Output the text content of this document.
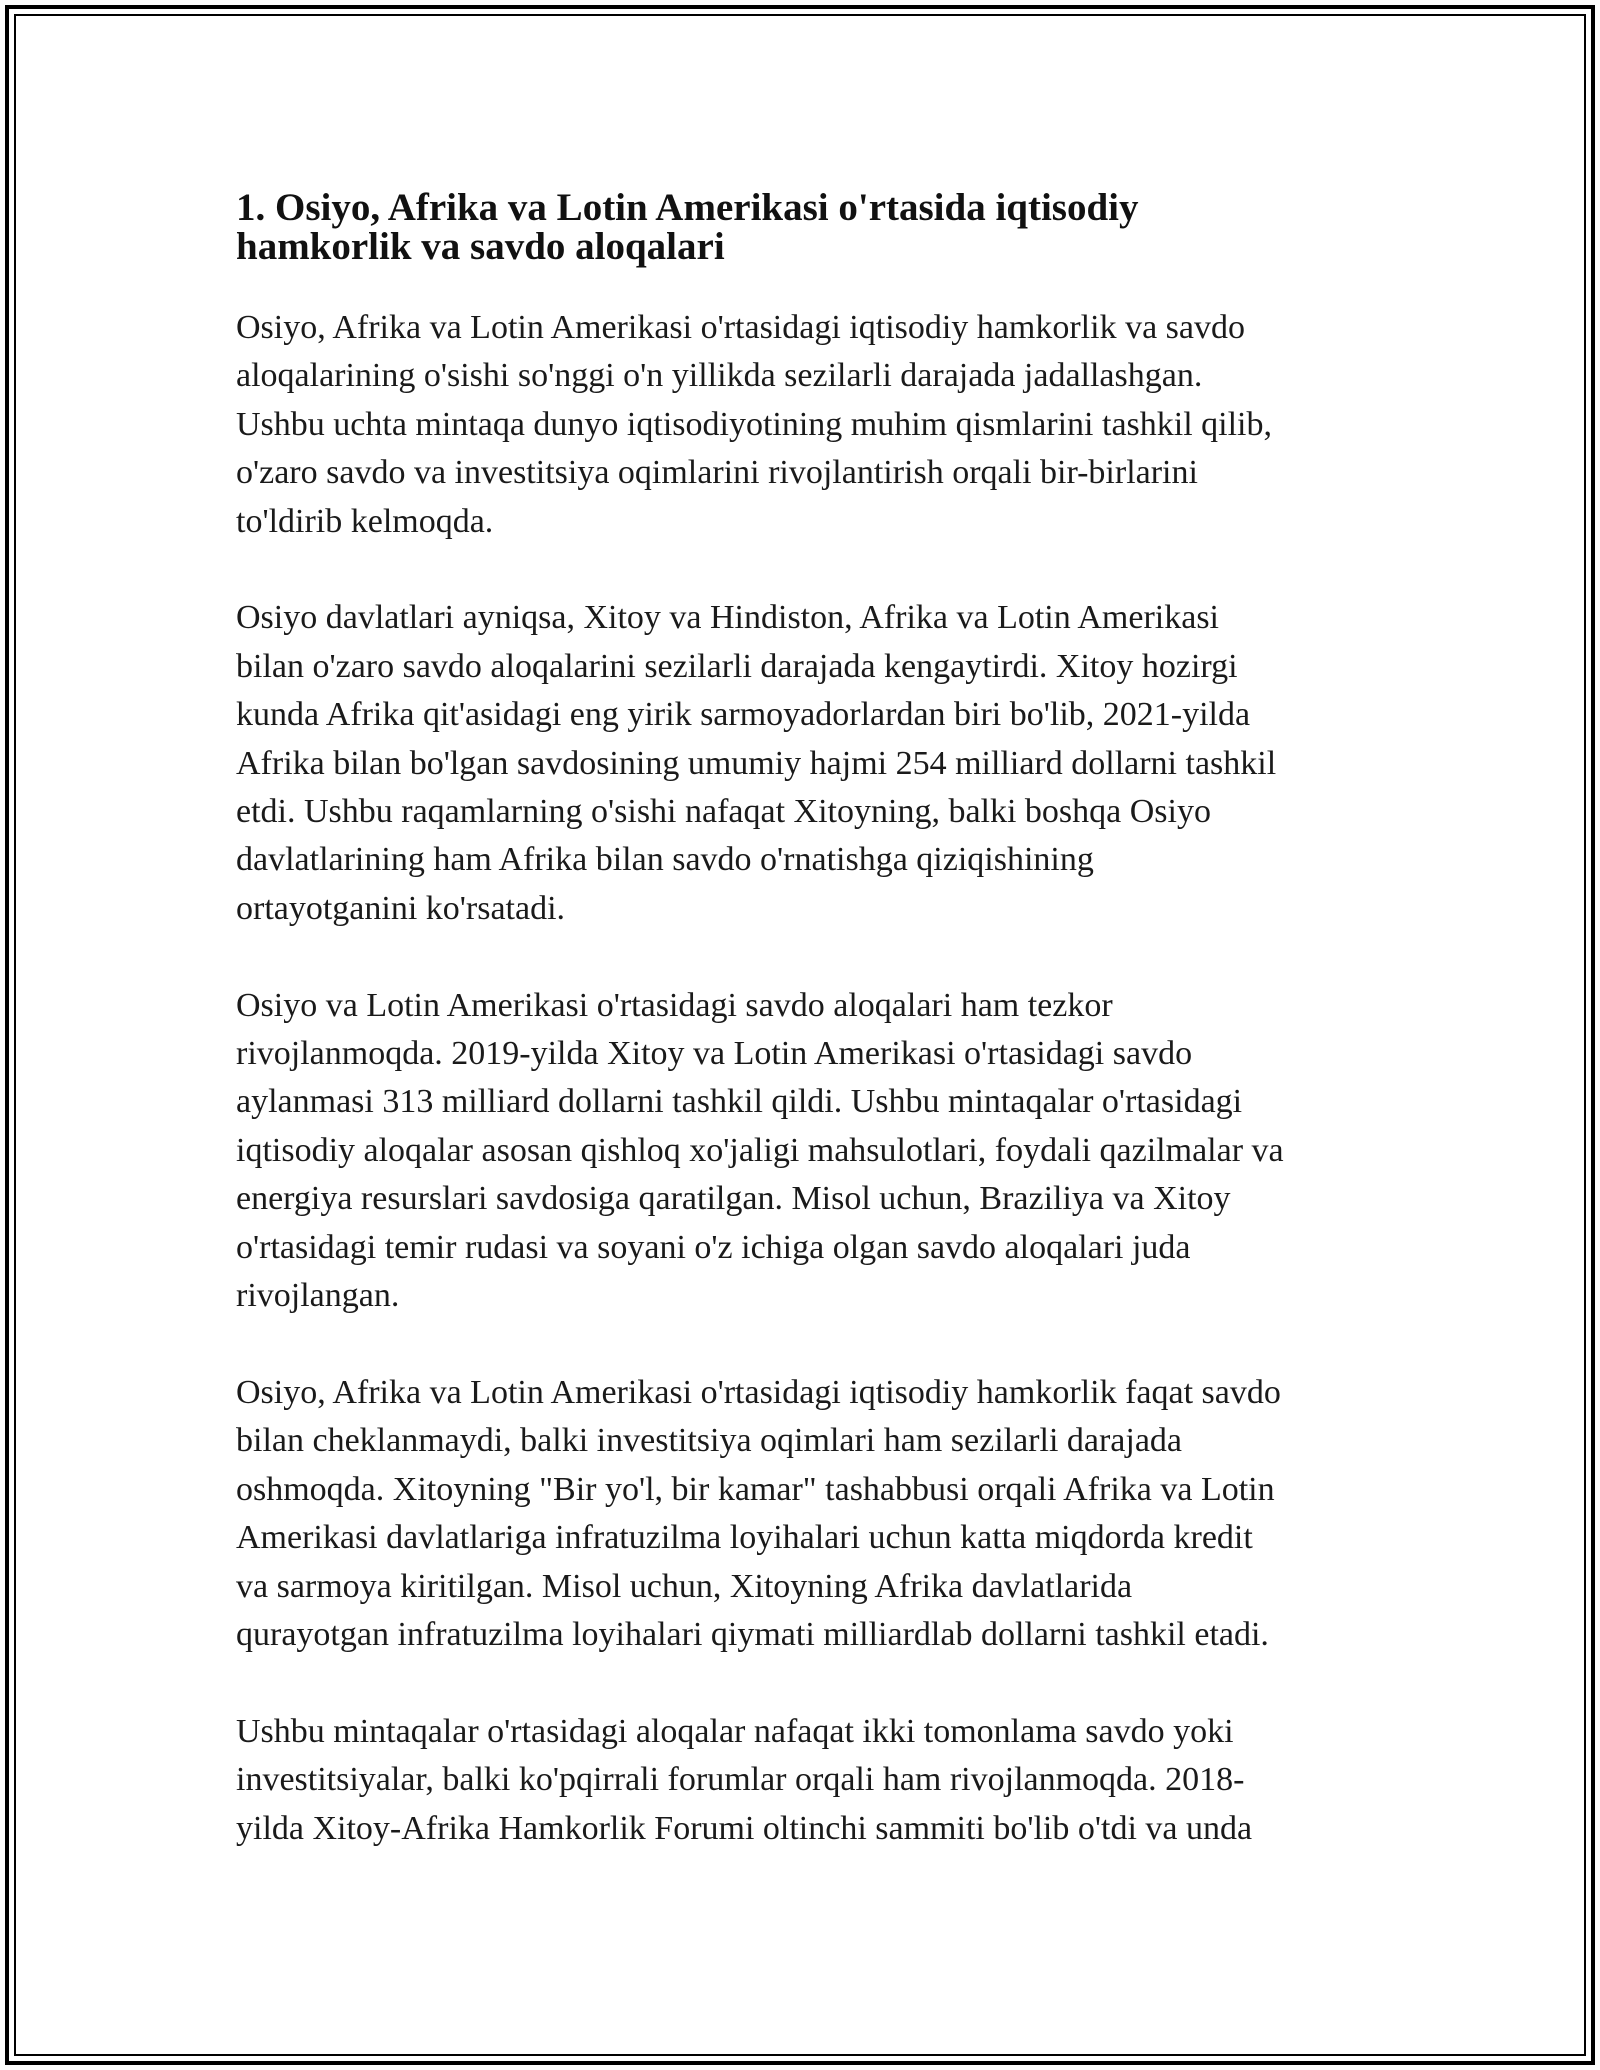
1. Osiyo, Afrika va Lotin Amerikasi o'rtasida iqtisodiy
hamkorlik va savdo aloqalari

Osiyo, Afrika va Lotin Amerikasi o'rtasidagi iqtisodiy hamkorlik va savdo
aloqalarining o'sishi so'nggi o'n yillikda sezilarli darajada jadallashgan.
Ushbu uchta mintaqa dunyo iqtisodiyotining muhim qismlarini tashkil qilib,
o'zaro savdo va investitsiya oqimlarini rivojlantirish orqali bir-birlarini
to'ldirib kelmoqda.

Osiyo davlatlari ayniqsa, Xitoy va Hindiston, Afrika va Lotin Amerikasi
bilan o'zaro savdo aloqalarini sezilarli darajada kengaytirdi. Xitoy hozirgi
kunda Afrika qit'asidagi eng yirik sarmoyadorlardan biri bo'lib, 2021-yilda
Afrika bilan bo'lgan savdosining umumiy hajmi 254 milliard dollarni tashkil
etdi. Ushbu raqamlarning o'sishi nafaqat Xitoyning, balki boshqa Osiyo
davlatlarining ham Afrika bilan savdo o'rnatishga qiziqishining
ortayotganini ko'rsatadi.

Osiyo va Lotin Amerikasi o'rtasidagi savdo aloqalari ham tezkor
rivojlanmoqda. 2019-yilda Xitoy va Lotin Amerikasi o'rtasidagi savdo
aylanmasi 313 milliard dollarni tashkil qildi. Ushbu mintaqalar o'rtasidagi
iqtisodiy aloqalar asosan qishloq xo'jaligi mahsulotlari, foydali qazilmalar va
energiya resurslari savdosiga qaratilgan. Misol uchun, Braziliya va Xitoy
o'rtasidagi temir rudasi va soyani o'z ichiga olgan savdo aloqalari juda
rivojlangan.

Osiyo, Afrika va Lotin Amerikasi o'rtasidagi iqtisodiy hamkorlik faqat savdo
bilan cheklanmaydi, balki investitsiya oqimlari ham sezilarli darajada
oshmoqda. Xitoyning "Bir yo'l, bir kamar" tashabbusi orqali Afrika va Lotin
Amerikasi davlatlariga infratuzilma loyihalari uchun katta miqdorda kredit
va sarmoya kiritilgan. Misol uchun, Xitoyning Afrika davlatlarida
qurayotgan infratuzilma loyihalari qiymati milliardlab dollarni tashkil etadi.

Ushbu mintaqalar o'rtasidagi aloqalar nafaqat ikki tomonlama savdo yoki
investitsiyalar, balki ko'pqirrali forumlar orqali ham rivojlanmoqda. 2018-
yilda Xitoy-Afrika Hamkorlik Forumi oltinchi sammiti bo'lib o'tdi va unda
